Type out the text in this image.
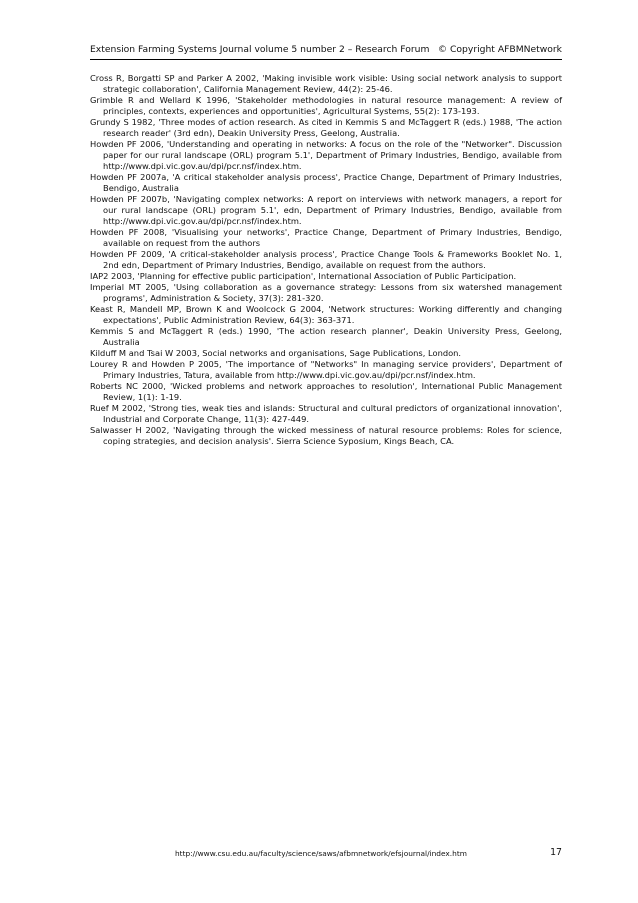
Extension Farming Systems Journal volume 5 number 2 – Research Forum © Copyright AFBMNetwork

Cross R, Borgatti SP and Parker A 2002, 'Making invisible work visible: Using social network analysis to support strategic collaboration', California Management Review, 44(2): 25-46.

Grimble R and Wellard K 1996, 'Stakeholder methodologies in natural resource management: A review of principles, contexts, experiences and opportunities', Agricultural Systems, 55(2): 173-193.

Grundy S 1982, 'Three modes of action research. As cited in Kemmis S and McTaggert R (eds.) 1988, 'The action research reader' (3rd edn), Deakin University Press, Geelong, Australia.

Howden PF 2006, 'Understanding and operating in networks: A focus on the role of the "Networker". Discussion paper for our rural landscape (ORL) program 5.1', Department of Primary Industries, Bendigo, available from http://www.dpi.vic.gov.au/dpi/pcr.nsf/index.htm.

Howden PF 2007a, 'A critical stakeholder analysis process', Practice Change, Department of Primary Industries, Bendigo, Australia

Howden PF 2007b, 'Navigating complex networks: A report on interviews with network managers, a report for our rural landscape (ORL) program 5.1', edn, Department of Primary Industries, Bendigo, available from http://www.dpi.vic.gov.au/dpi/pcr.nsf/index.htm.

Howden PF 2008, 'Visualising your networks', Practice Change, Department of Primary Industries, Bendigo, available on request from the authors

Howden PF 2009, 'A critical-stakeholder analysis process', Practice Change Tools & Frameworks Booklet No. 1, 2nd edn, Department of Primary Industries, Bendigo, available on request from the authors.

IAP2 2003, 'Planning for effective public participation', International Association of Public Participation.

Imperial MT 2005, 'Using collaboration as a governance strategy: Lessons from six watershed management programs', Administration & Society, 37(3): 281-320.

Keast R, Mandell MP, Brown K and Woolcock G 2004, 'Network structures: Working differently and changing expectations', Public Administration Review, 64(3): 363-371.

Kemmis S and McTaggert R (eds.) 1990, 'The action research planner', Deakin University Press, Geelong, Australia

Kilduff M and Tsai W 2003, Social networks and organisations, Sage Publications, London.

Lourey R and Howden P 2005, 'The importance of "Networks" In managing service providers', Department of Primary Industries, Tatura, available from http://www.dpi.vic.gov.au/dpi/pcr.nsf/index.htm.

Roberts NC 2000, 'Wicked problems and network approaches to resolution', International Public Management Review, 1(1): 1-19.

Ruef M 2002, 'Strong ties, weak ties and islands: Structural and cultural predictors of organizational innovation', Industrial and Corporate Change, 11(3): 427-449.

Salwasser H 2002, 'Navigating through the wicked messiness of natural resource problems: Roles for science, coping strategies, and decision analysis'. Sierra Science Syposium, Kings Beach, CA.

http://www.csu.edu.au/faculty/science/saws/afbmnetwork/efsjournal/index.htm	17
